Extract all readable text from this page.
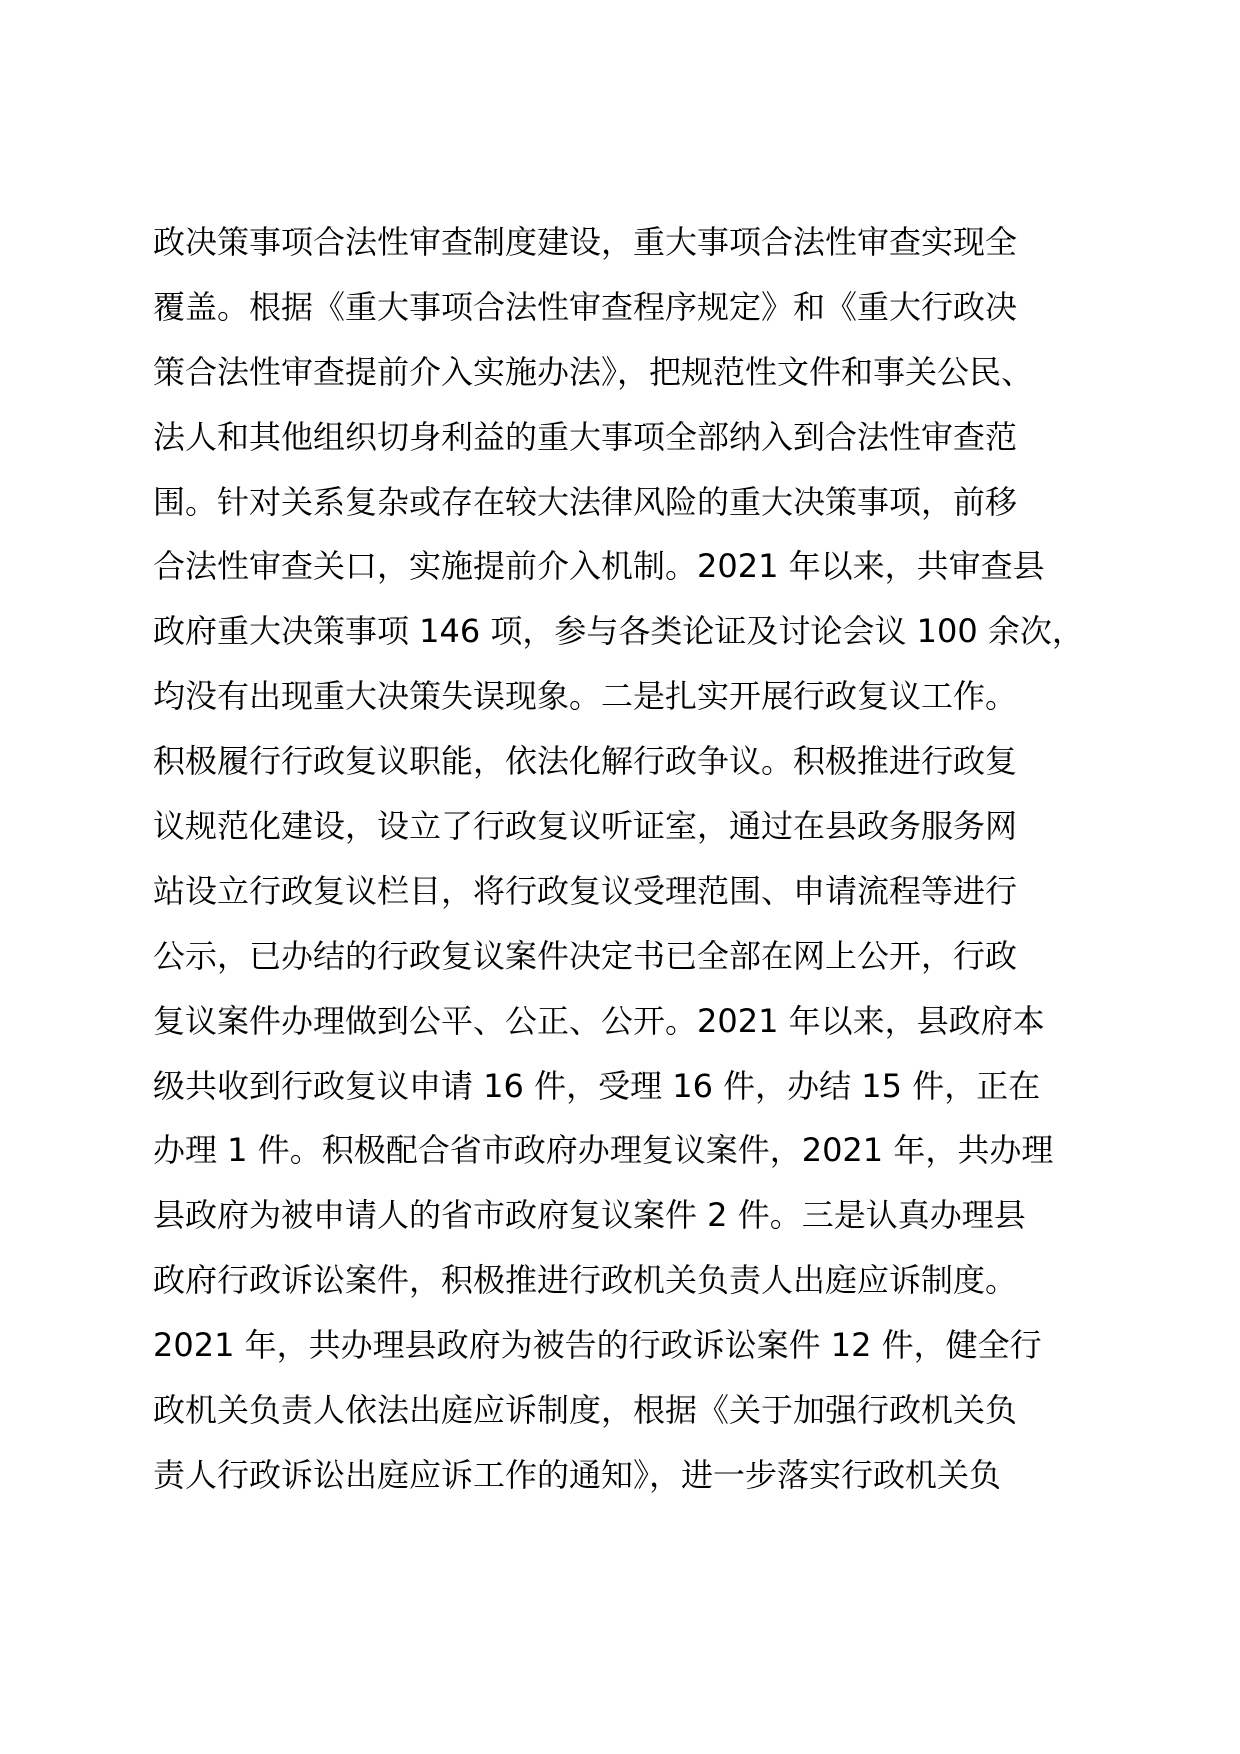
政决策事项合法性审查制度建设，重大事项合法性审查实现全
覆盖。根据《重大事项合法性审查程序规定》和《重大行政决
策合法性审查提前介入实施办法》，把规范性文件和事关公民、
法人和其他组织切身利益的重大事项全部纳入到合法性审查范
围。针对关系复杂或存在较大法律风险的重大决策事项，前移
合法性审查关口，实施提前介入机制。2021 年以来，共审查县
政府重大决策事项 146 项，参与各类论证及讨论会议 100 余次，
均没有出现重大决策失误现象。二是扎实开展行政复议工作。
积极履行行政复议职能，依法化解行政争议。积极推进行政复
议规范化建设，设立了行政复议听证室，通过在县政务服务网
站设立行政复议栏目，将行政复议受理范围、申请流程等进行
公示，已办结的行政复议案件决定书已全部在网上公开，行政
复议案件办理做到公平、公正、公开。2021 年以来，县政府本
级共收到行政复议申请 16 件，受理 16 件，办结 15 件，正在
办理 1 件。积极配合省市政府办理复议案件，2021 年，共办理
县政府为被申请人的省市政府复议案件 2 件。三是认真办理县
政府行政诉讼案件，积极推进行政机关负责人出庭应诉制度。
2021 年，共办理县政府为被告的行政诉讼案件 12 件，健全行
政机关负责人依法出庭应诉制度，根据《关于加强行政机关负
责人行政诉讼出庭应诉工作的通知》，进一步落实行政机关负
